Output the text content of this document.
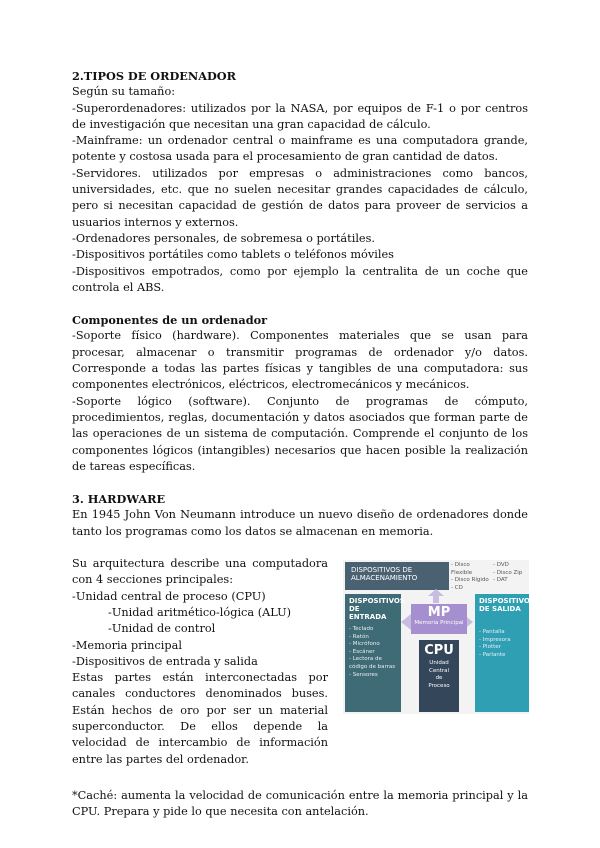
2.TIPOS DE ORDENADOR

Según su tamaño:

-Superordenadores: utilizados por la NASA, por equipos de F-1 o por centros de investigación que necesitan una gran capacidad de cálculo.

-Mainframe: un ordenador central o mainframe es una computadora grande, potente y costosa usada para el procesamiento de gran cantidad de datos.

-Servidores. utilizados por empresas o administraciones como bancos, universidades, etc. que no suelen necesitar grandes capacidades de cálculo, pero si necesitan capacidad de gestión de datos para proveer de servicios a usuarios internos y externos.

-Ordenadores personales, de sobremesa o portátiles.

-Dispositivos portátiles como tablets o teléfonos móviles

-Dispositivos empotrados, como por ejemplo la centralita de un coche que controla el ABS.

Componentes de un ordenador

-Soporte físico (hardware). Componentes materiales que se usan para procesar, almacenar o transmitir programas de ordenador y/o datos. Corresponde a todas las partes físicas y tangibles de una computadora: sus componentes electrónicos, eléctricos, electromecánicos y mecánicos.

-Soporte lógico (software). Conjunto de programas de cómputo, procedimientos, reglas, documentación y datos asociados que forman parte de las operaciones de un sistema de computación. Comprende el conjunto de los componentes lógicos (intangibles) necesarios que hacen posible la realización de tareas específicas.

3. HARDWARE

En 1945 John Von Neumann introduce un nuevo diseño de ordenadores donde tanto los programas como los datos se almacenan en memoria.

Su arquitectura describe una computadora con 4 secciones principales:

-Unidad central de proceso (CPU)

-Unidad aritmético-lógica (ALU)

-Unidad de control

-Memoria principal

-Dispositivos de entrada y salida

Estas partes están interconectadas por canales conductores denominados buses. Están hechos de oro por ser un material superconductor. De ellos depende la velocidad de intercambio de información entre las partes del ordenador.

DISPOSITIVOS DE ALMACENAMIENTO
- Disco Flexible
- Disco Rígido
- CD
- DVD
- Disco Zip
- DAT
DISPOSITIVOS DE ENTRADA
- Teclado
- Ratón
- Micrófono
- Escáner
- Lectora de código de barras
- Sensores
MP
Memoria Principal
CPU
Unidad Central de Proceso
DISPOSITIVOS DE SALIDA
- Pantalla
- Impresora
- Plotter
- Parlante

*Caché: aumenta la velocidad de comunicación entre la memoria principal y la CPU. Prepara y pide lo que necesita con antelación.
